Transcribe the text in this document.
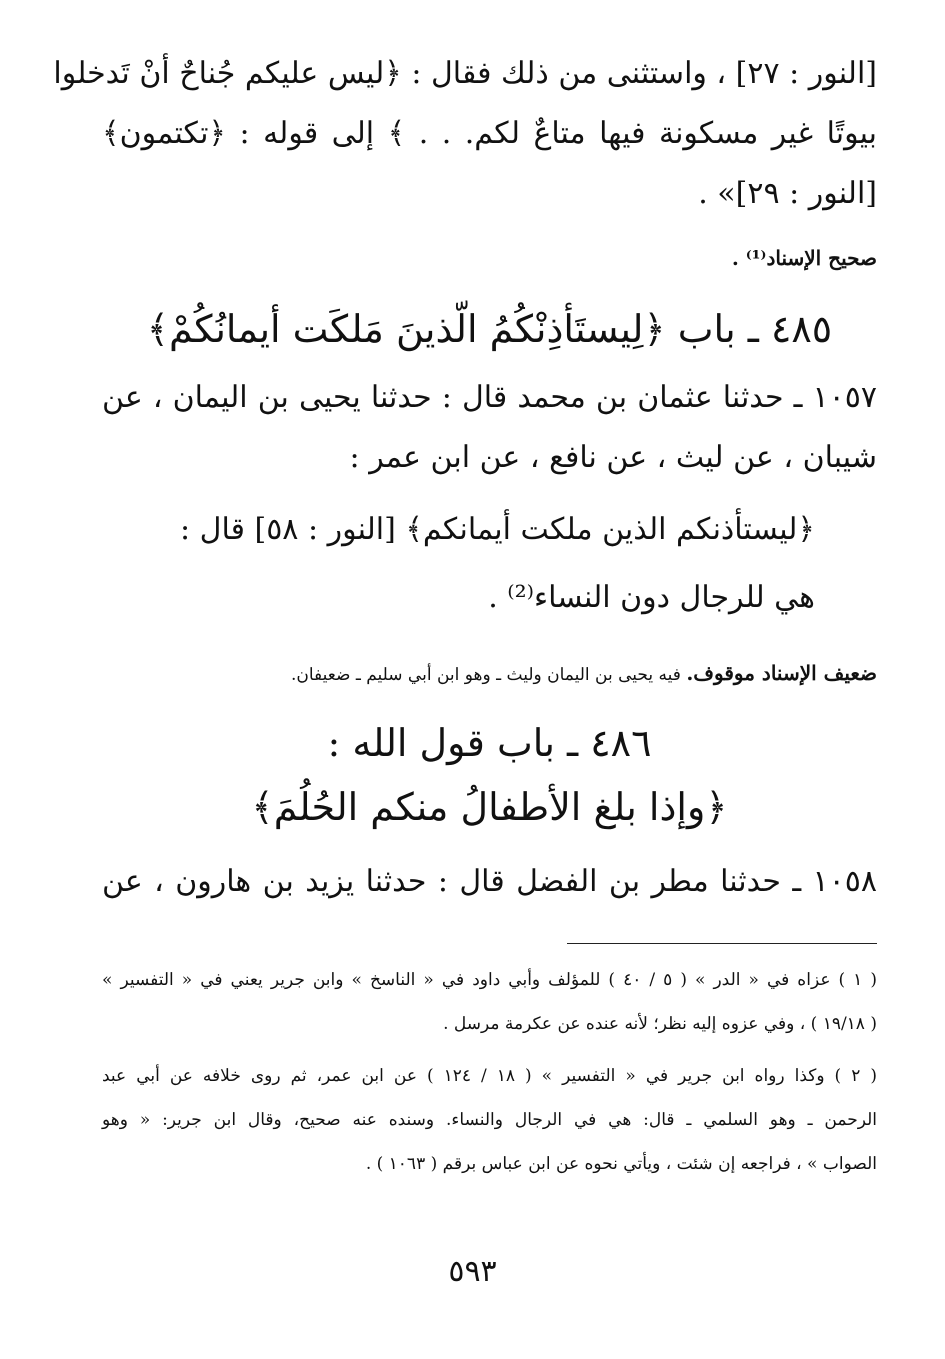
[النور : ٢٧] ، واستثنى من ذلك فقال : ﴿ليس عليكم جُناحٌ أنْ تَدخلوا
بيوتًا غير مسكونة فيها متاعٌ لكم. . . ﴾ إلى قوله : ﴿تكتمون﴾
[النور : ٢٩]» .
صحيح الإسناد⁽¹⁾ .
٤٨٥ ـ باب ﴿لِيستَأذِنْكُمُ الّذينَ مَلكَت أيمانُكُمْ﴾
١٠٥٧ ـ حدثنا عثمان بن محمد قال : حدثنا يحيى بن اليمان ، عن
شيبان ، عن ليث ، عن نافع ، عن ابن عمر :
﴿ليستأذنكم الذين ملكت أيمانكم﴾ [النور : ٥٨] قال :
هي للرجال دون النساء⁽²⁾ .
ضعيف الإسناد موقوف. فيه يحيى بن اليمان وليث ـ وهو ابن أبي سليم ـ ضعيفان.
٤٨٦ ـ باب قول الله :
﴿وإذا بلغ الأطفالُ منكم الحُلُمَ﴾
١٠٥٨ ـ حدثنا مطر بن الفضل قال : حدثنا يزيد بن هارون ، عن
( ١ ) عزاه في « الدر » ( ٥ / ٤٠ ) للمؤلف وأبي داود في « الناسخ » وابن جرير يعني في « التفسير »
( ١٩/١٨ ) ، وفي عزوه إليه نظر؛ لأنه عنده عن عكرمة مرسل .
( ٢ ) وكذا رواه ابن جرير في « التفسير » ( ١٨ / ١٢٤ ) عن ابن عمر، ثم روى خلافه عن أبي عبد
الرحمن ـ وهو السلمي ـ قال: هي في الرجال والنساء. وسنده عنه صحيح، وقال ابن جرير: « وهو
الصواب » ، فراجعه إن شئت ، ويأتي نحوه عن ابن عباس برقم ( ١٠٦٣ ) .
٥٩٣
